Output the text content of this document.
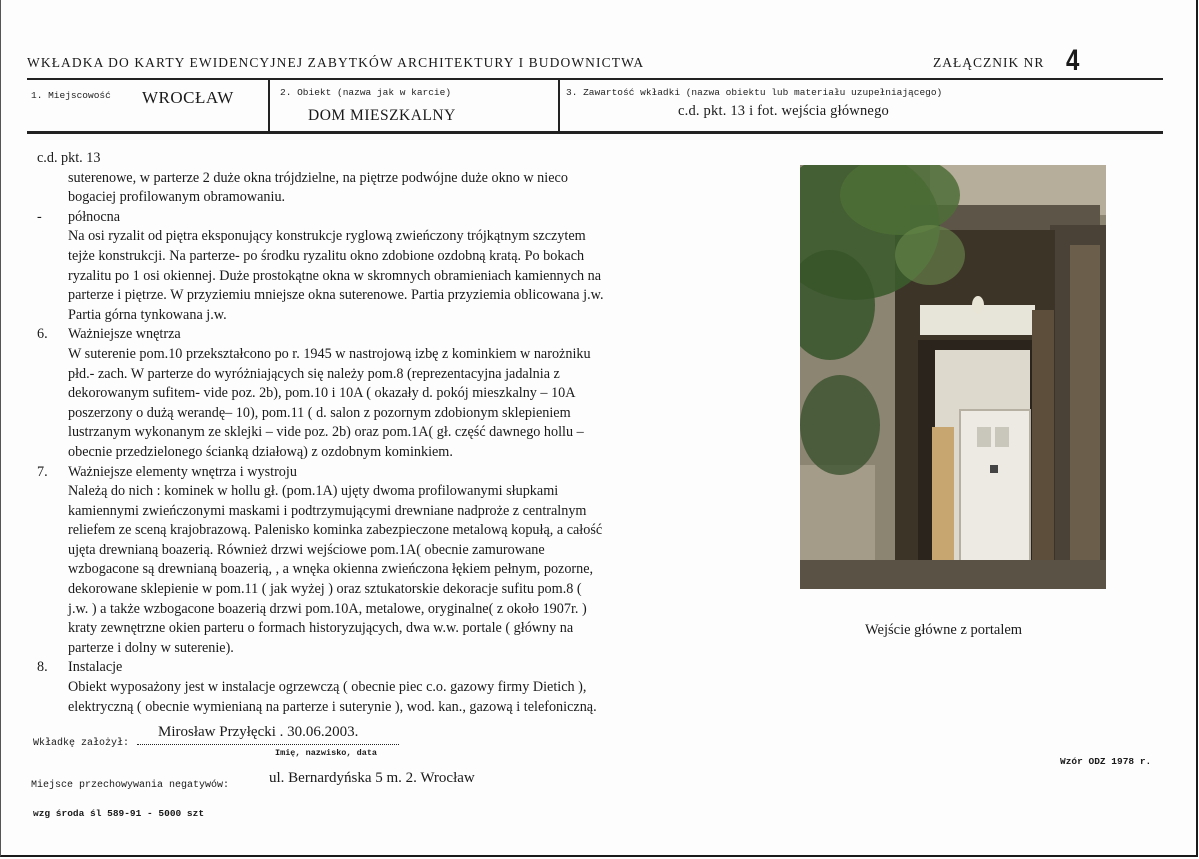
WKŁADKA DO KARTY EWIDENCYJNEJ ZABYTKÓW ARCHITEKTURY I BUDOWNICTWA	ZAŁĄCZNIK NR 4
1. Miejscowość WROCŁAW	2. Obiekt (nazwa jak w karcie)
DOM MIESZKALNY
3. Zawartość wkładki (nazwa obiektu lub materiału uzupełniającego)
c.d. pkt. 13 i fot. wejścia głównego
c.d. pkt. 13
suterenowe, w parterze 2 duże okna trójdzielne, na piętrze podwójne duże okno w nieco
bogaciej profilowanym obramowaniu.
-	północna
Na osi ryzalit od piętra eksponujący konstrukcje ryglową zwieńczony trójkątnym szczytem
tejże konstrukcji. Na parterze- po środku ryzalitu okno zdobione ozdobną kratą. Po bokach
ryzalitu po 1 osi okiennej. Duże prostokątne okna w skromnych obramieniach kamiennych na
parterze i piętrze. W przyziemiu mniejsze okna suterenowe. Partia przyziemia oblicowana j.w.
Partia górna tynkowana j.w.
6.	Ważniejsze wnętrza
W suterenie pom.10 przekształcono po r. 1945 w nastrojową izbę z kominkiem w narożniku
płd.- zach. W parterze do wyróżniających się należy pom.8 (reprezentacyjna jadalnia z
dekorowanym sufitem- vide poz. 2b), pom.10 i 10A ( okazały d. pokój mieszkalny – 10A
poszerzony o dużą werandę– 10), pom.11 ( d. salon z pozornym zdobionym sklepieniem
lustrzanym wykonanym ze sklejki – vide poz. 2b) oraz pom.1A( gł. część dawnego hollu –
obecnie przedzielonego ścianką działową) z ozdobnym kominkiem.
7.	Ważniejsze elementy wnętrza i wystroju
Należą do nich : kominek w hollu gł. (pom.1A) ujęty dwoma profilowanymi słupkami
kamiennymi zwieńczonymi maskami i podtrzymującymi drewniane nadproże z centralnym
reliefem ze sceną krajobrazową. Palenisko kominka zabezpieczone metalową kopułą, a całość
ujęta drewnianą boazerią. Również drzwi wejściowe pom.1A( obecnie zamurowane
wzbogacone są drewnianą boazerią, , a wnęka okienna zwieńczona łękiem pełnym, pozorne,
dekorowane sklepienie w pom.11 ( jak wyżej ) oraz sztukatorskie dekoracje sufitu pom.8 (
j.w. ) a także wzbogacone boazerią drzwi pom.10A, metalowe, oryginalne( z około 1907r. )
kraty zewnętrzne okien parteru o formach historyzujących, dwa w.w. portale ( główny na
parterze i dolny w suterenie).
8.	Instalacje
Obiekt wyposażony jest w instalacje ogrzewczą ( obecnie piec c.o. gazowy firmy Dietich ),
elektryczną ( obecnie wymienianą na parterze i suterynie ), wod. kan., gazową i telefoniczną.
Wejście główne z portalem
Wkładkę założył:
Mirosław Przyłęcki . 30.06.2003.
Imię, nazwisko, data
Miejsce przechowywania negatywów:	ul. Bernardyńska 5 m. 2. Wrocław
wzg środa śl 589-91 - 5000 szt
Wzór ODZ 1978 r.
